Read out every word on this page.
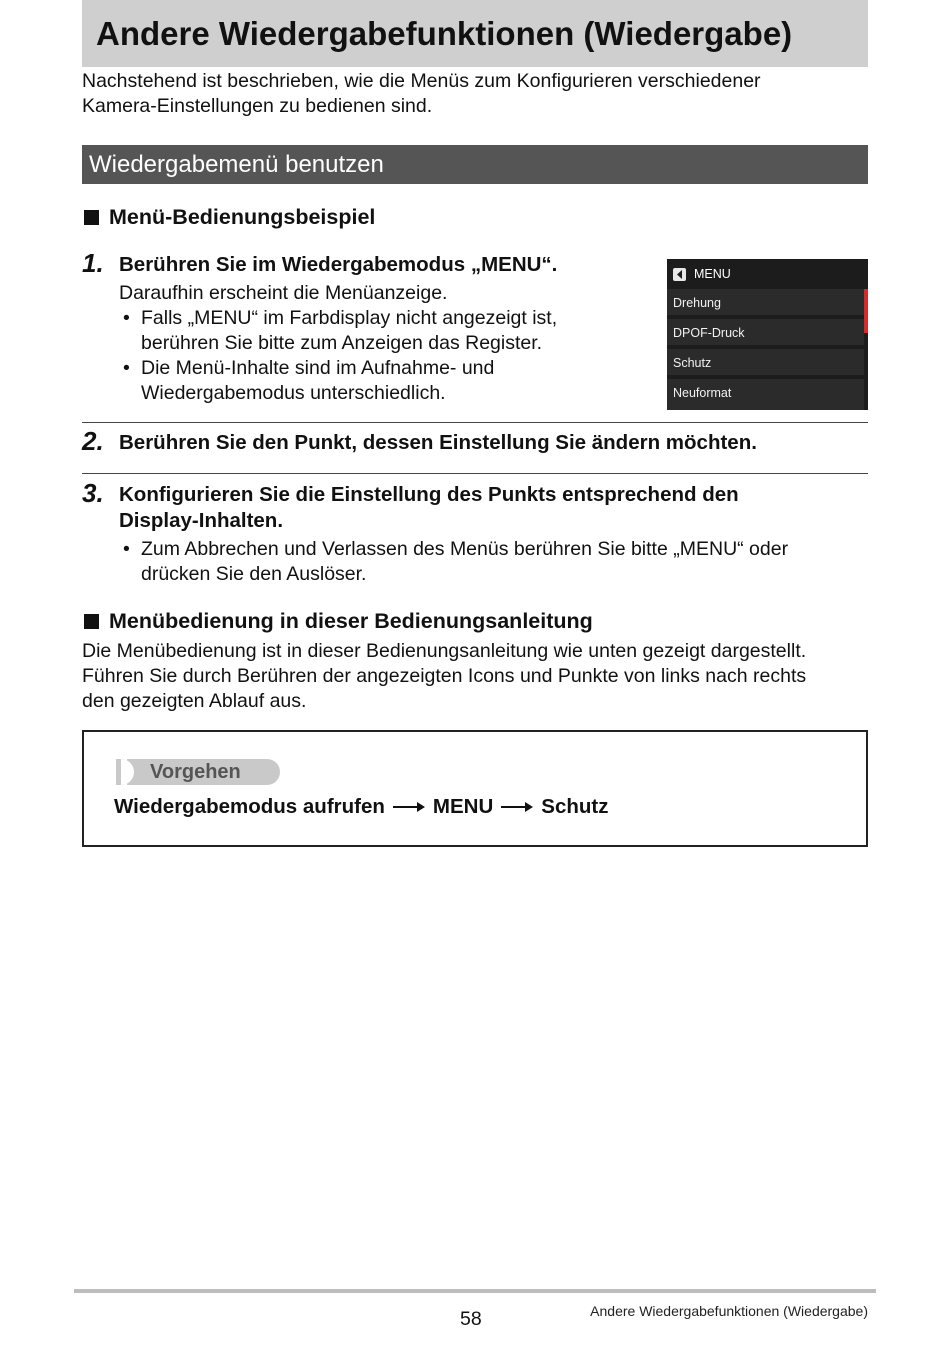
Andere Wiedergabefunktionen (Wiedergabe)
Nachstehend ist beschrieben, wie die Menüs zum Konfigurieren verschiedener
Kamera-Einstellungen zu bedienen sind.
Wiedergabemenü benutzen
Menü-Bedienungsbeispiel
1. Berühren Sie im Wiedergabemodus „MENU“.
Daraufhin erscheint die Menüanzeige.
• Falls „MENU“ im Farbdisplay nicht angezeigt ist,
berühren Sie bitte zum Anzeigen das Register.
• Die Menü-Inhalte sind im Aufnahme- und
Wiedergabemodus unterschiedlich.
MENU
Drehung
DPOF-Druck
Schutz
Neuformat
2. Berühren Sie den Punkt, dessen Einstellung Sie ändern möchten.
3. Konfigurieren Sie die Einstellung des Punkts entsprechend den
Display-Inhalten.
• Zum Abbrechen und Verlassen des Menüs berühren Sie bitte „MENU“ oder
drücken Sie den Auslöser.
Menübedienung in dieser Bedienungsanleitung
Die Menübedienung ist in dieser Bedienungsanleitung wie unten gezeigt dargestellt.
Führen Sie durch Berühren der angezeigten Icons und Punkte von links nach rechts
den gezeigten Ablauf aus.
Vorgehen
Wiedergabemodus aufrufen MENU Schutz
58	Andere Wiedergabefunktionen (Wiedergabe)
